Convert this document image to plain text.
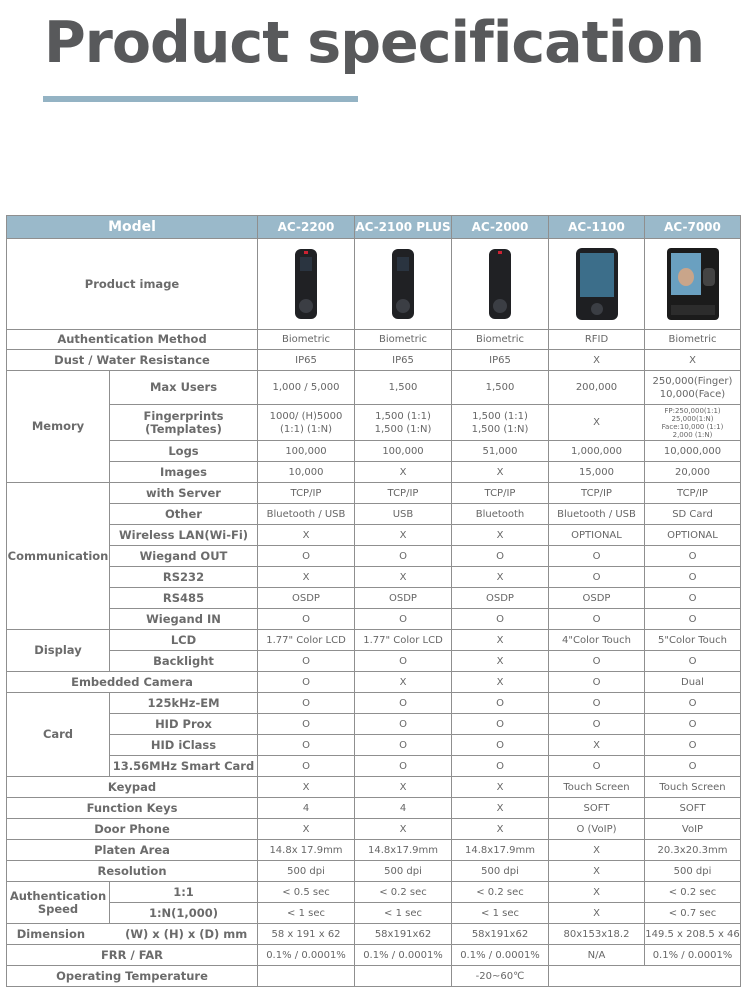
Product specification
Model		AC-2200	AC-2100 PLUS	AC-2000	AC-1100	AC-7000
Product image		

Authentication Method		Biometric	Biometric	Biometric	RFID	Biometric
Dust / Water Resistance		IP65	IP65	IP65	X	X
Memory	Max Users	1,000 / 5,000	1,500	1,500	200,000	250,000(Finger)
10,000(Face)
	Fingerprints (Templates)	1000/ (H)5000
(1:1) (1:N)	1,500 (1:1)
1,500 (1:N)	1,500 (1:1)
1,500 (1:N)	X	FP:250,000(1:1)
25,000(1:N)
Face:10,000 (1:1)
2,000 (1:N)
	Logs	100,000	100,000	51,000	1,000,000	10,000,000
	Images	10,000	X	X	15,000	20,000
Communication	with Server	TCP/IP	TCP/IP	TCP/IP	TCP/IP	TCP/IP
	Other	Bluetooth / USB	USB	Bluetooth	Bluetooth / USB	SD Card
	Wireless LAN(Wi-Fi)	X	X	X	OPTIONAL	OPTIONAL
	Wiegand OUT	O	O	O	O	O
	RS232	X	X	X	O	O
	RS485	OSDP	OSDP	OSDP	OSDP	O
	Wiegand IN	O	O	O	O	O
Display	LCD	1.77" Color LCD	1.77" Color LCD	X	4"Color Touch	5"Color Touch
	Backlight	O	O	X	O	O
Embedded Camera		O	X	X	O	Dual
Card	125kHz-EM	O	O	O	O	O
	HID Prox	O	O	O	O	O
	HID iClass	O	O	O	X	O
	13.56MHz Smart Card	O	O	O	O	O
Keypad		X	X	X	Touch Screen	Touch Screen
Function Keys		4	4	X	SOFT	SOFT
Door Phone		X	X	X	O (VoIP)	VoIP
Platen Area		14.8x 17.9mm	14.8x17.9mm	14.8x17.9mm	X	20.3x20.3mm
Resolution		500 dpi	500 dpi	500 dpi	X	500 dpi
Authentication Speed	1:1	< 0.5 sec	< 0.2 sec	< 0.2 sec	X	< 0.2 sec
	1:N(1,000)	< 1 sec	< 1 sec	< 1 sec	X	< 0.7 sec
Dimension (W) x (H) x (D) mm		58 x 191 x 62	58x191x62	58x191x62	80x153x18.2	149.5 x 208.5 x 46
FRR / FAR		0.1% / 0.0001%	0.1% / 0.0001%	0.1% / 0.0001%	N/A	0.1% / 0.0001%
Operating Temperature				-20~60℃		
